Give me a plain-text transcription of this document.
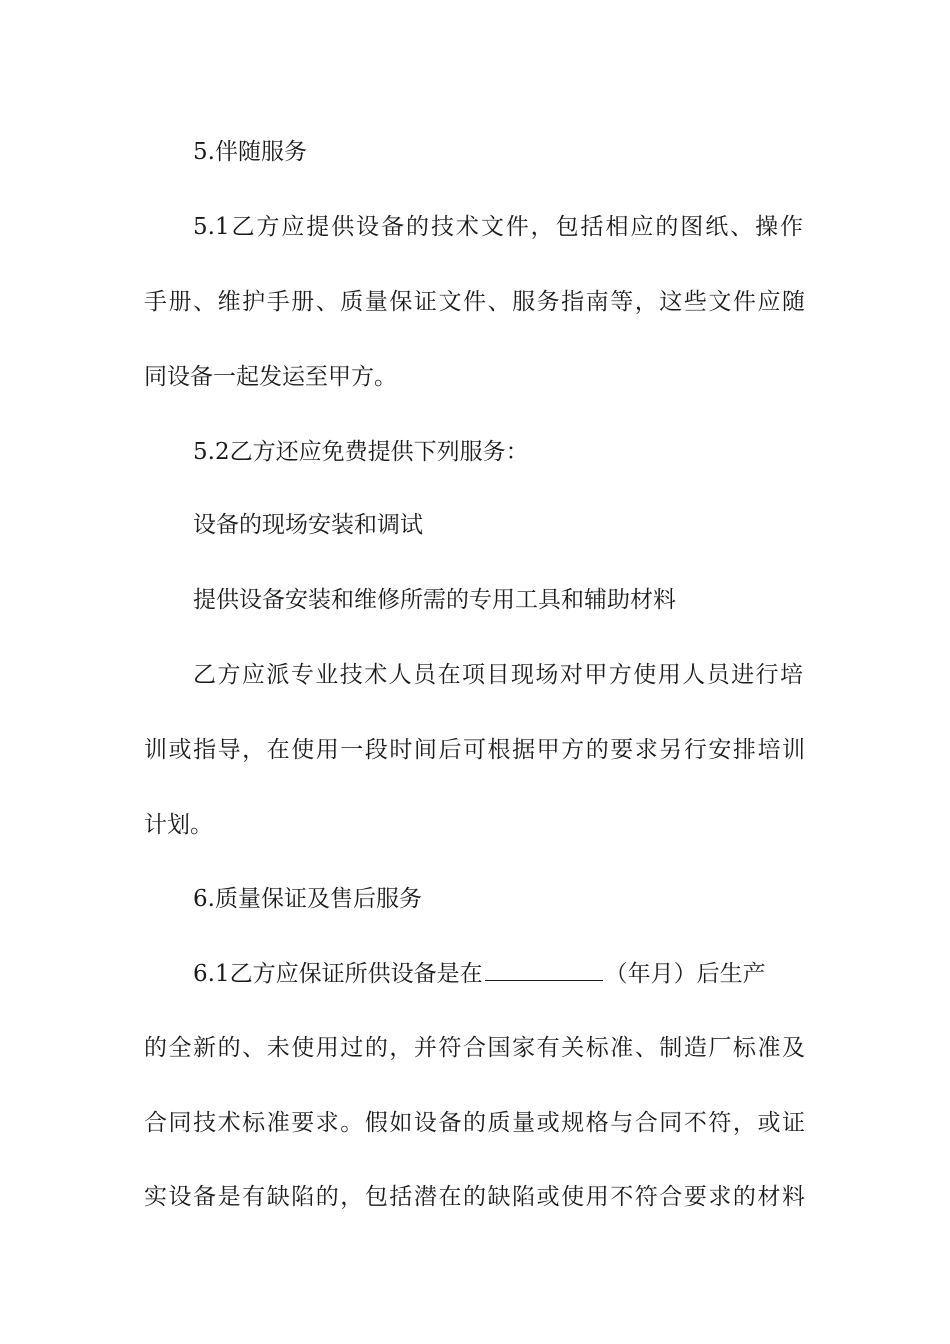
5.伴随服务

5.1乙方应提供设备的技术文件，包括相应的图纸、操作

手册、维护手册、质量保证文件、服务指南等，这些文件应随

同设备一起发运至甲方。

5.2乙方还应免费提供下列服务：

设备的现场安装和调试

提供设备安装和维修所需的专用工具和辅助材料

乙方应派专业技术人员在项目现场对甲方使用人员进行培

训或指导，在使用一段时间后可根据甲方的要求另行安排培训

计划。

6.质量保证及售后服务

6.1乙方应保证所供设备是在	（年月）后生产

的全新的、未使用过的，并符合国家有关标准、制造厂标准及

合同技术标准要求。假如设备的质量或规格与合同不符，或证

实设备是有缺陷的，包括潜在的缺陷或使用不符合要求的材料
